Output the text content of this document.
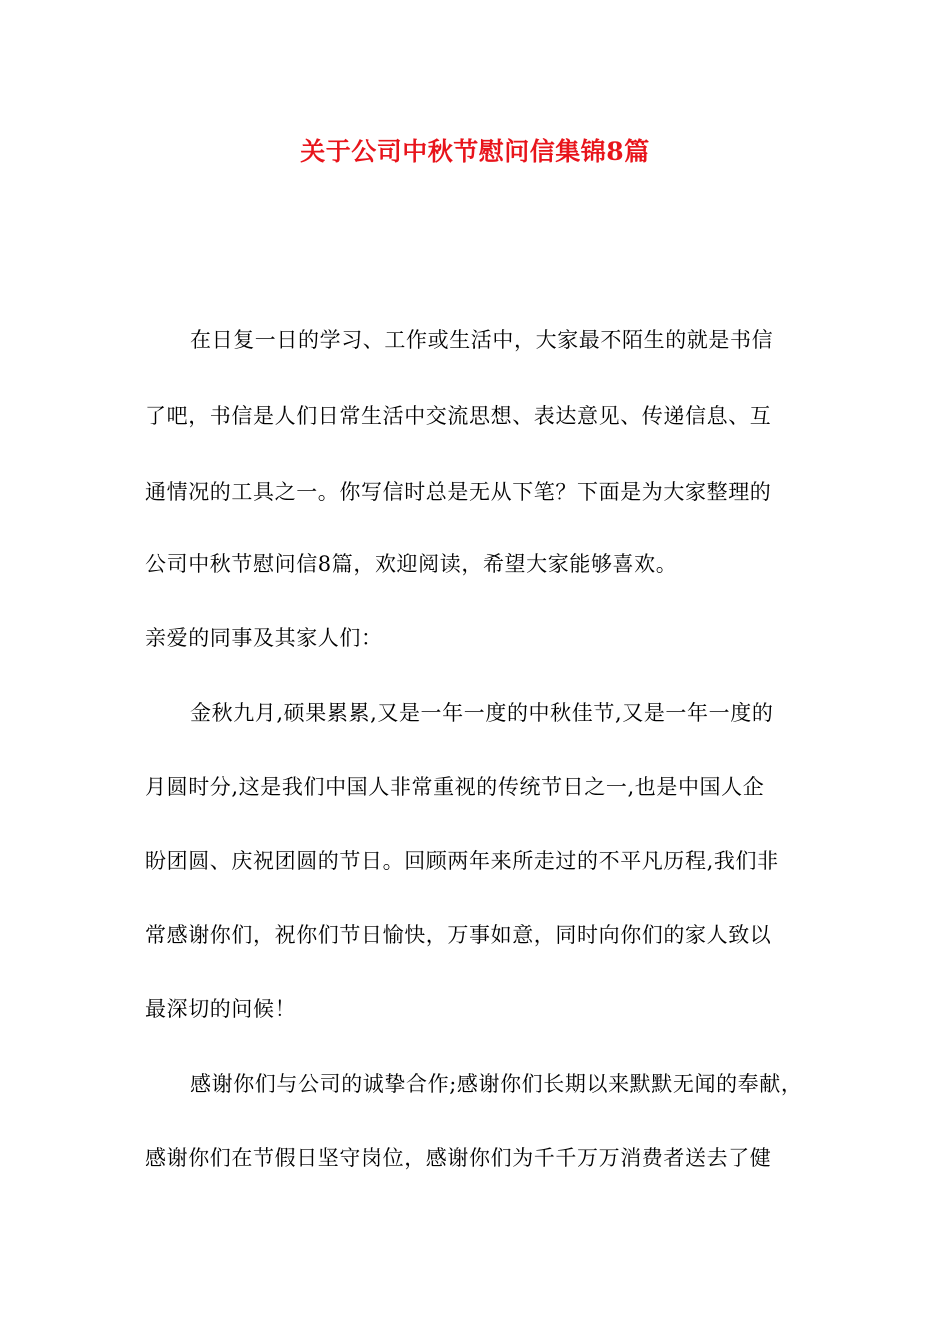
关于公司中秋节慰问信集锦8篇
在日复一日的学习、工作或生活中，大家最不陌生的就是书信
了吧，书信是人们日常生活中交流思想、表达意见、传递信息、互
通情况的工具之一。你写信时总是无从下笔？下面是为大家整理的
公司中秋节慰问信8篇，欢迎阅读，希望大家能够喜欢。
亲爱的同事及其家人们：
金秋九月,硕果累累,又是一年一度的中秋佳节,又是一年一度的
月圆时分,这是我们中国人非常重视的传统节日之一,也是中国人企
盼团圆、庆祝团圆的节日。回顾两年来所走过的不平凡历程,我们非
常感谢你们，祝你们节日愉快，万事如意，同时向你们的家人致以
最深切的问候！
感谢你们与公司的诚挚合作;感谢你们长期以来默默无闻的奉献，
感谢你们在节假日坚守岗位，感谢你们为千千万万消费者送去了健
